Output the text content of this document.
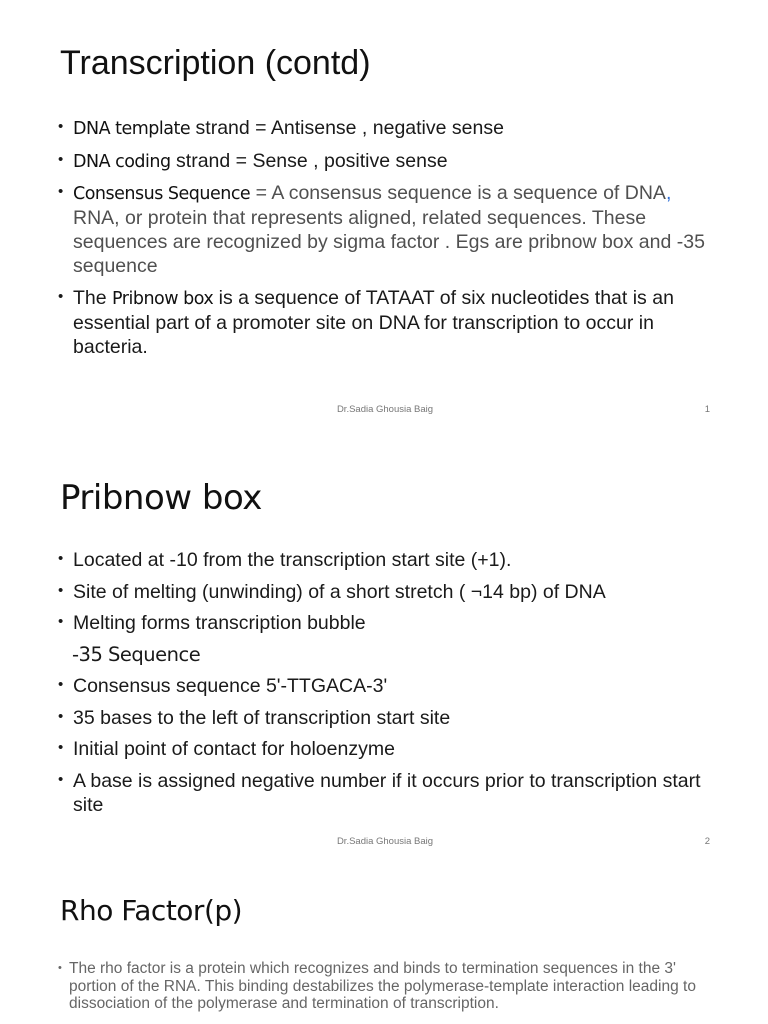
Transcription (contd)
• DNA template strand = Antisense , negative sense
• DNA coding strand = Sense , positive sense
• Consensus Sequence = A consensus sequence is a sequence of DNA, RNA, or protein that represents aligned, related sequences. These sequences are recognized by sigma factor . Egs are pribnow box and -35 sequence
• The Pribnow box is a sequence of TATAAT of six nucleotides that is an essential part of a promoter site on DNA for transcription to occur in bacteria.
Dr.Sadia Ghousia Baig	1
Pribnow box
• Located at -10 from the transcription start site (+1).
• Site of melting (unwinding) of a short stretch ( ¬14 bp) of DNA
• Melting forms transcription bubble
-35 Sequence
• Consensus sequence 5'-TTGACA-3'
• 35 bases to the left of transcription start site
• Initial point of contact for holoenzyme
• A base is assigned negative number if it occurs prior to transcription start site
Dr.Sadia Ghousia Baig	2
Rho Factor(p)
• The rho factor is a protein which recognizes and binds to termination sequences in the 3' portion of the RNA. This binding destabilizes the polymerase-template interaction leading to dissociation of the polymerase and termination of transcription.
